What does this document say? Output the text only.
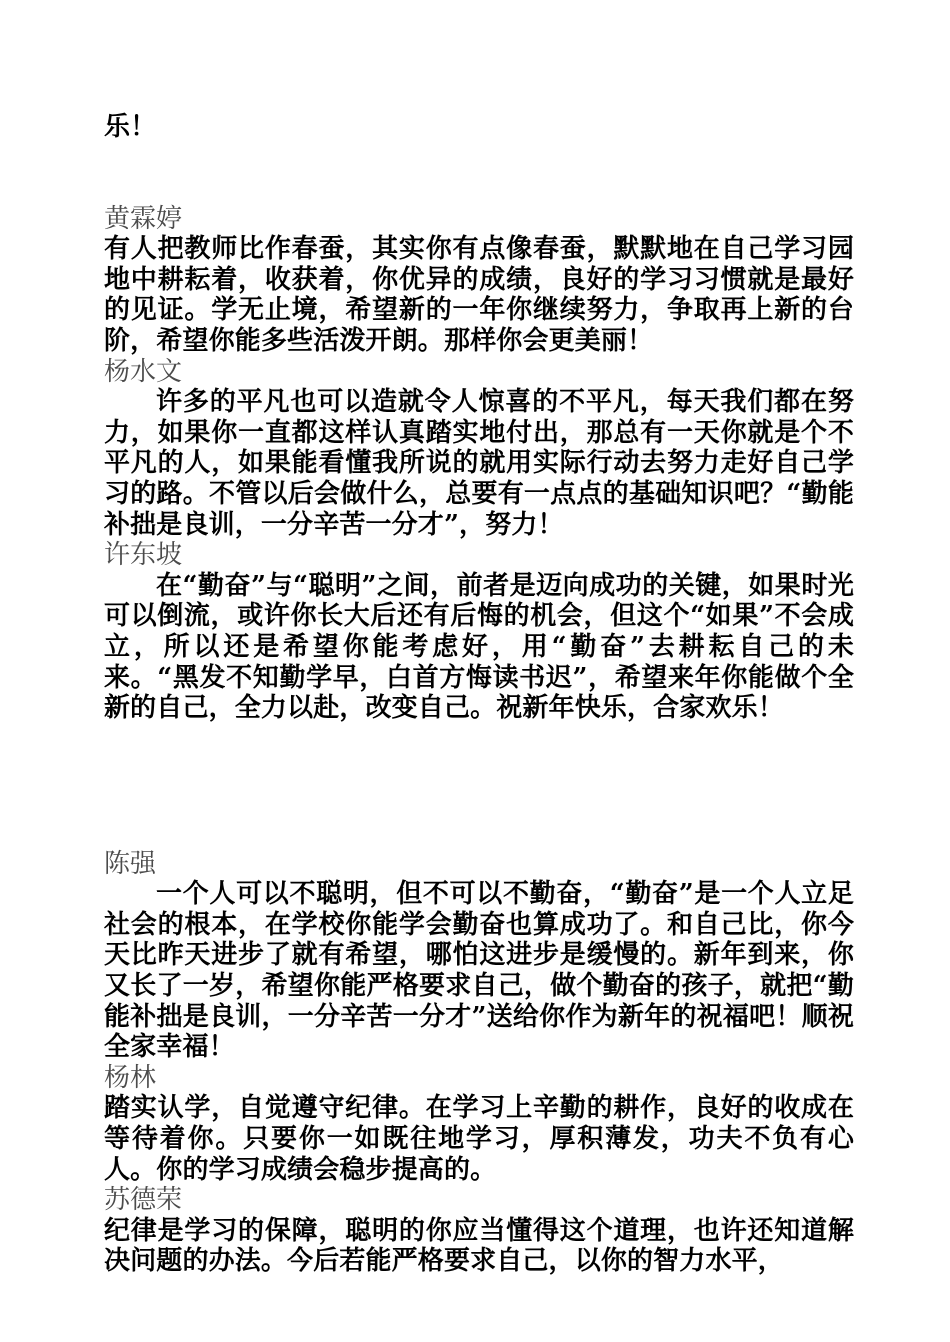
乐！

黄霖婷

有人把教师比作春蚕，其实你有点像春蚕，默默地在自己学习园地中耕耘着，收获着，你优异的成绩，良好的学习习惯就是最好的见证。学无止境，希望新的一年你继续努力，争取再上新的台阶，希望你能多些活泼开朗。那样你会更美丽！

杨水文

许多的平凡也可以造就令人惊喜的不平凡，每天我们都在努力，如果你一直都这样认真踏实地付出，那总有一天你就是个不平凡的人，如果能看懂我所说的就用实际行动去努力走好自己学习的路。不管以后会做什么，总要有一点点的基础知识吧？“勤能补拙是良训，一分辛苦一分才”，努力！

许东坡

在“勤奋”与“聪明”之间，前者是迈向成功的关键，如果时光可以倒流，或许你长大后还有后悔的机会，但这个“如果”不会成立，所以还是希望你能考虑好，用“勤奋”去耕耘自己的未来。“黑发不知勤学早，白首方悔读书迟”，希望来年你能做个全新的自己，全力以赴，改变自己。祝新年快乐，合家欢乐！

陈强

一个人可以不聪明，但不可以不勤奋，“勤奋”是一个人立足社会的根本，在学校你能学会勤奋也算成功了。和自己比，你今天比昨天进步了就有希望，哪怕这进步是缓慢的。新年到来，你又长了一岁，希望你能严格要求自己，做个勤奋的孩子，就把“勤能补拙是良训，一分辛苦一分才”送给你作为新年的祝福吧！顺祝全家幸福！

杨林

踏实认学，自觉遵守纪律。在学习上辛勤的耕作，良好的收成在等待着你。只要你一如既往地学习，厚积薄发，功夫不负有心人。你的学习成绩会稳步提高的。

苏德荣

纪律是学习的保障，聪明的你应当懂得这个道理，也许还知道解决问题的办法。今后若能严格要求自己，以你的智力水平，
